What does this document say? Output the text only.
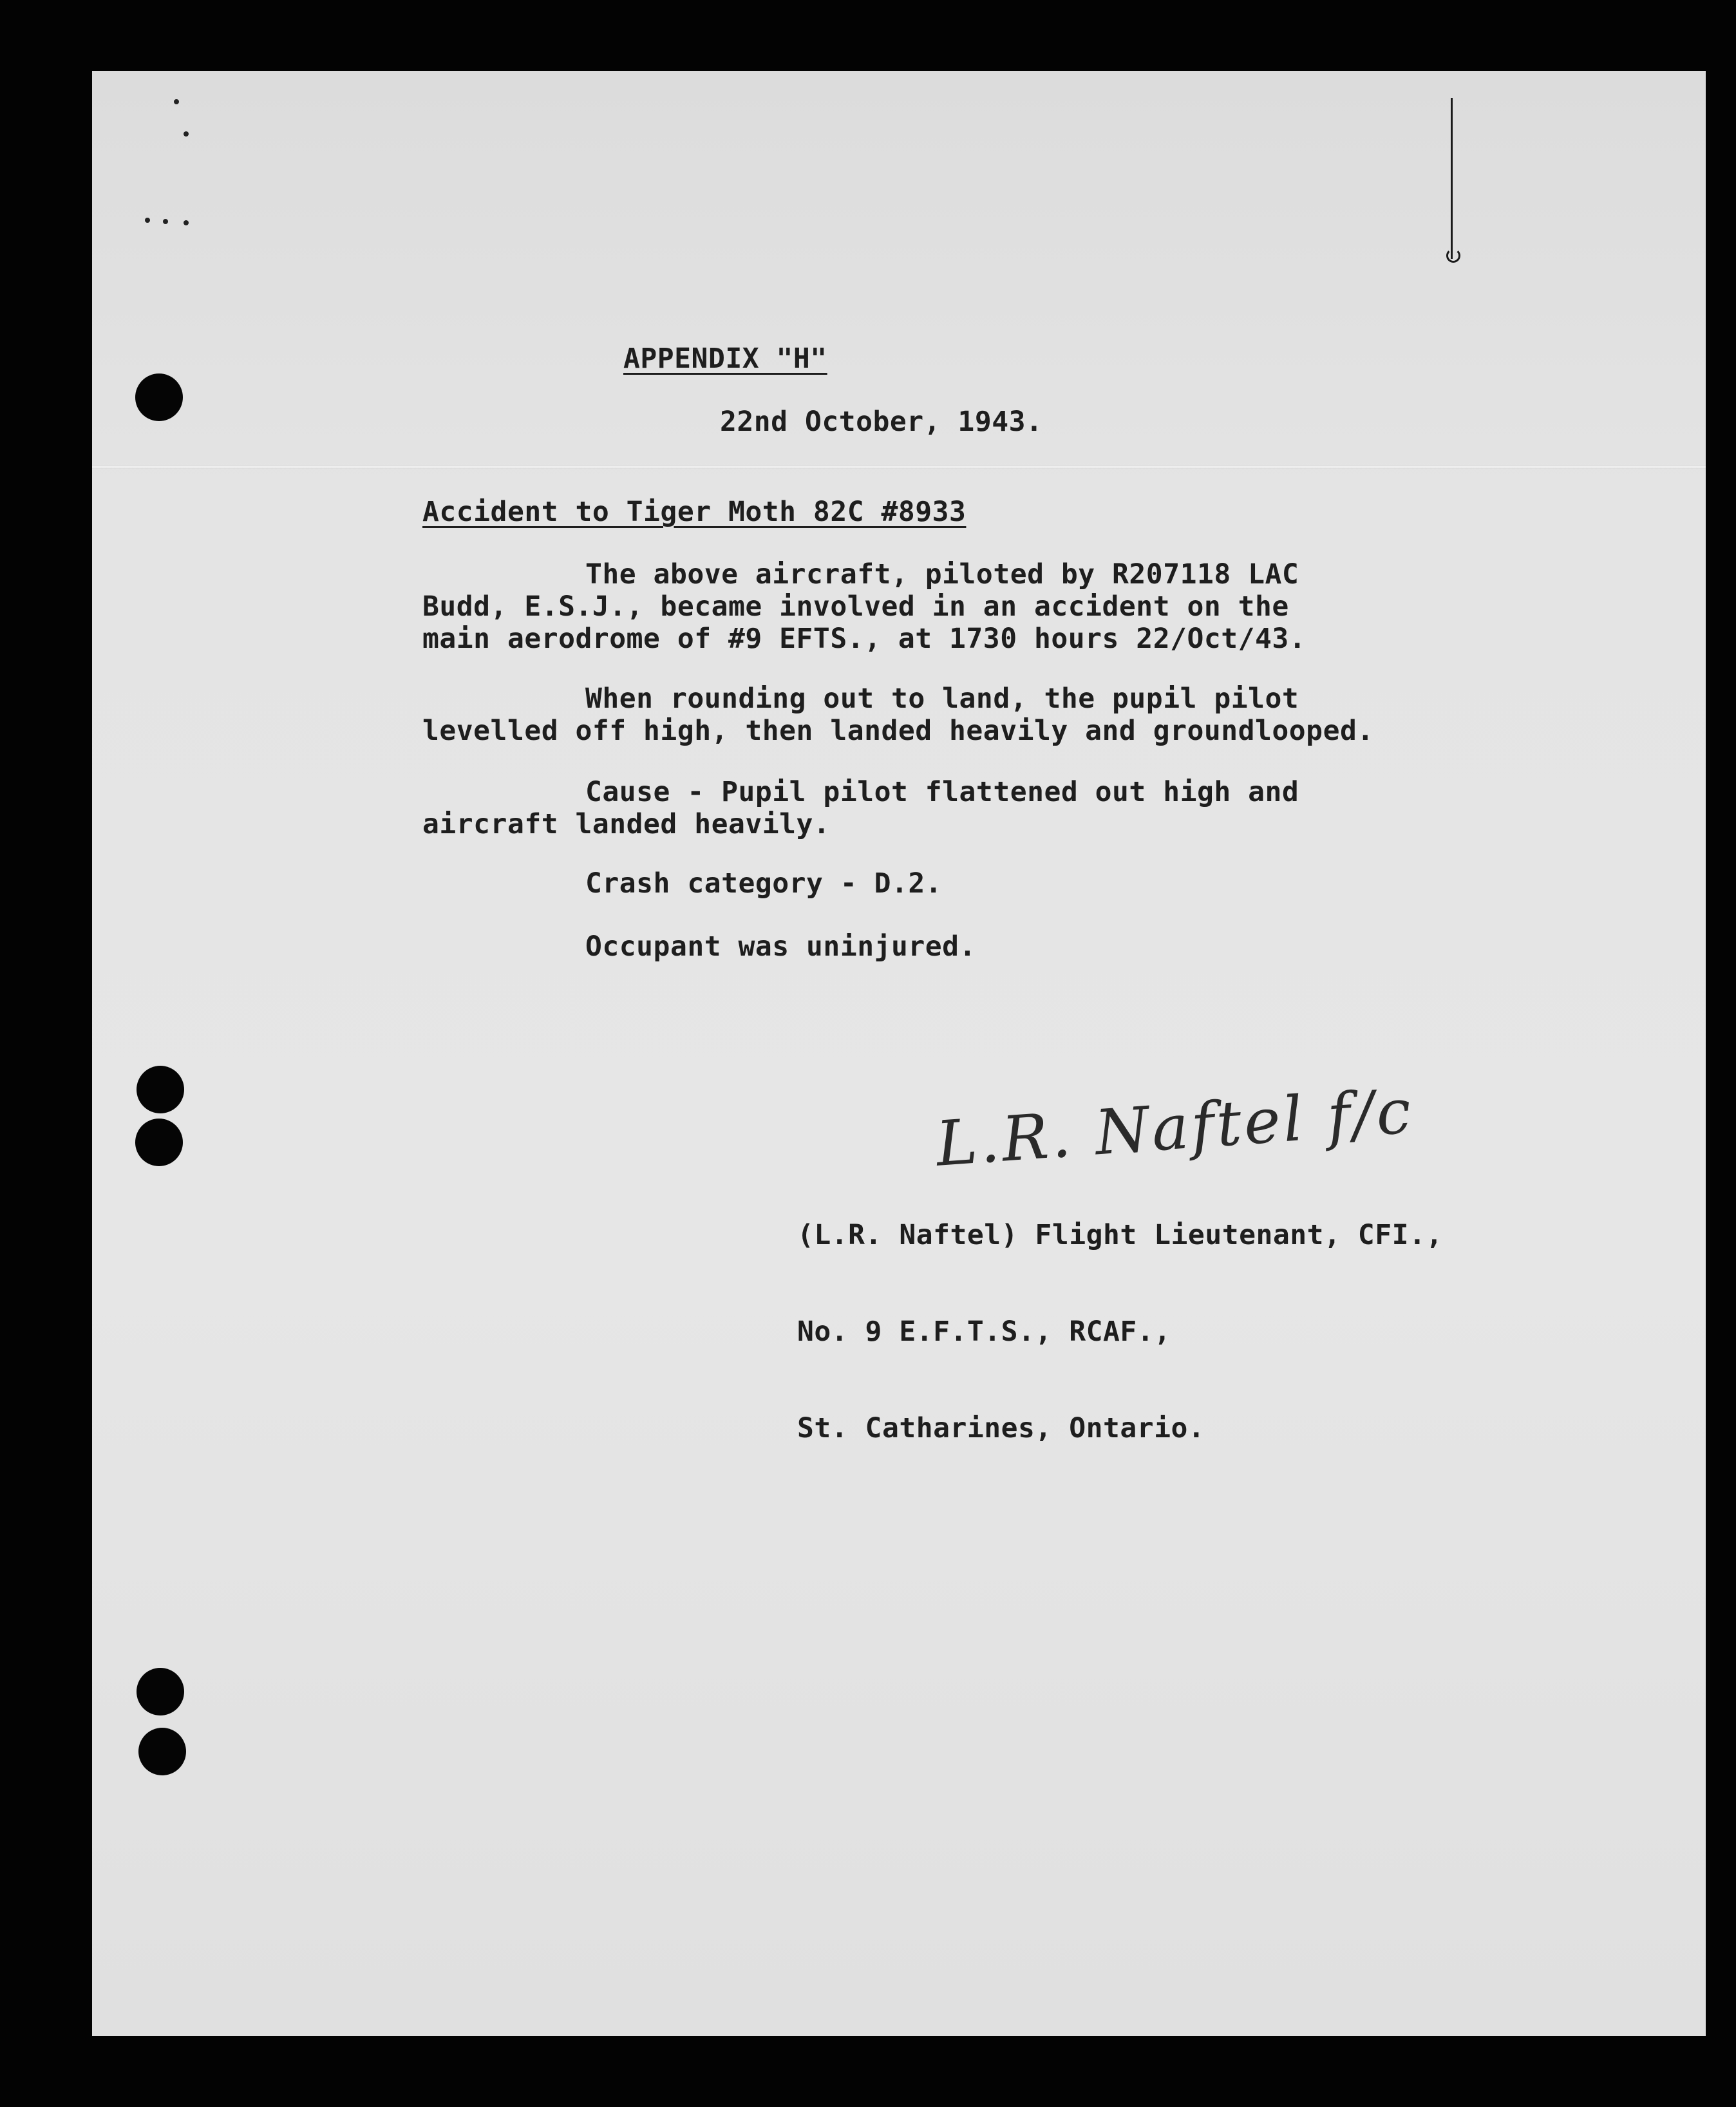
APPENDIX "H"
22nd October, 1943.
Accident to Tiger Moth 82C #8933
The above aircraft, piloted by R207118 LAC
Budd, E.S.J., became involved in an accident on the
main aerodrome of #9 EFTS., at 1730 hours 22/Oct/43.
When rounding out to land, the pupil pilot
levelled off high, then landed heavily and groundlooped.
Cause - Pupil pilot flattened out high and
aircraft landed heavily.
Crash category - D.2.
Occupant was uninjured.
L.R. Naftel f/c

(L.R. Naftel) Flight Lieutenant, CFI.,

No. 9 E.F.T.S., RCAF.,

St. Catharines, Ontario.
